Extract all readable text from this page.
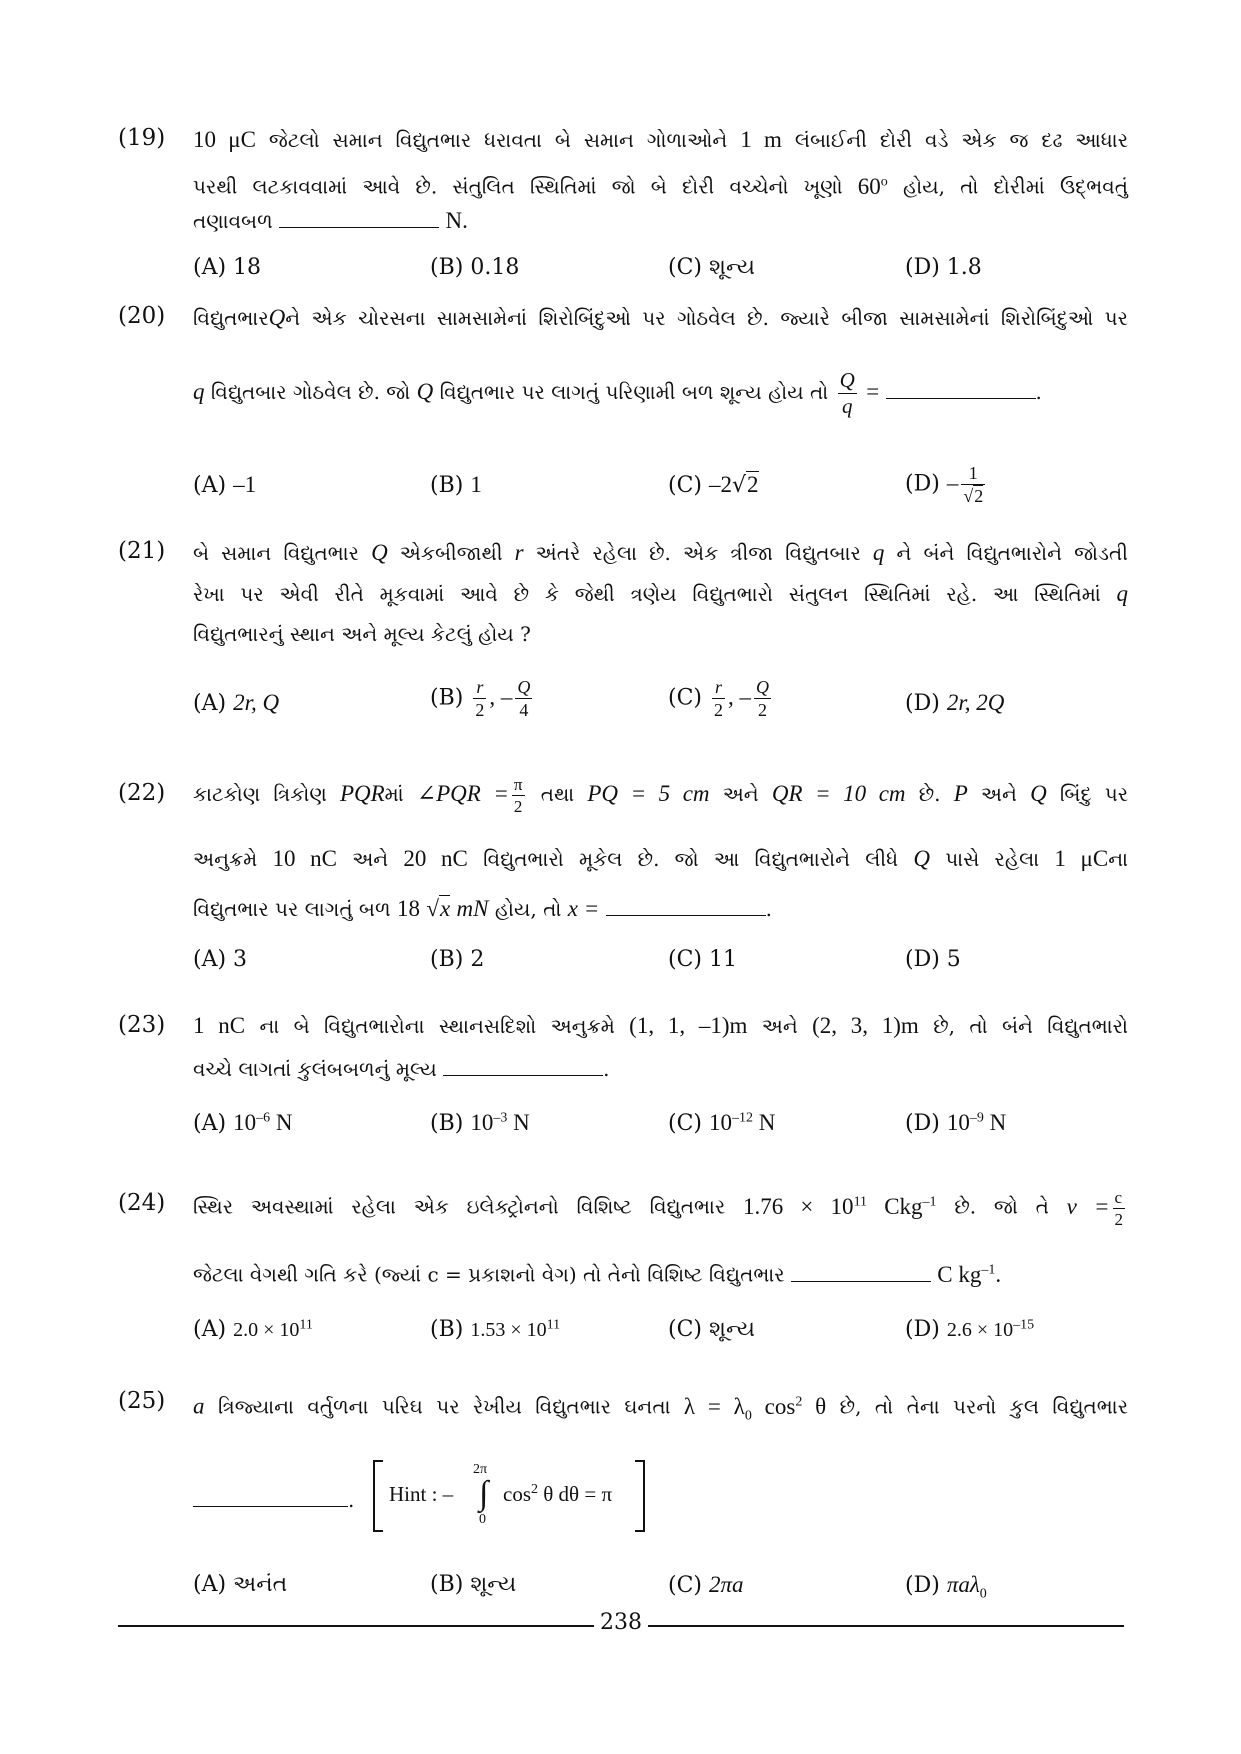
(19) 10 μC જેટલો સમાન વિદ્યુતભાર ધરાવતા બે સમાન ગોળાઓને 1 m લંબાઈની દોરી વડે એક જ દઢ આધાર
પરથી લટકાવવામાં આવે છે. સંતુલિત સ્થિતિમાં જો બે દોરી વચ્ચેનો ખૂણો 60$^o$ હોય, તો દોરીમાં ઉદ્ભવતું
તણાવબળ	N.
(A) 18	(B) 0.18	(C) શૂન્ય	(D) 1.8
(20) વિદ્યુતભારQને એક ચોરસના સામસામેનાં શિરોબિંદુઓ પર ગોઠવેલ છે. જ્યારે બીજા સામસામેનાં શિરોબિંદુઓ પર
q વિદ્યુતબાર ગોઠવેલ છે. જો Q વિદ્યુતભાર પર લાગતું પરિણામી બળ શૂન્ય હોય તો $\frac{Q}{q}$ =	.
(A) –1	(B) 1	(C) –2√2	$(D) - \frac{1}{√2}$
(21) બે સમાન વિદ્યુતભાર Q એકબીજાથી r અંતરે રહેલા છે. એક ત્રીજા વિદ્યુતબાર q ને બંને વિદ્યુતભારોને જોડતી
રેખા પર એવી રીતે મૂકવામાં આવે છે કે જેથી ત્રણેય વિદ્યુતભારો સંતુલન સ્થિતિમાં રહે. આ સ્થિતિમાં q
વિદ્યુતભારનું સ્થાન અને મૂલ્ય કેટલું હોય ?
(A) 2r, Q	$(B) \frac{r}{2}$ , – $\frac{Q}{4}$	$(C) \frac{r}{2}$ , – $\frac{Q}{2}$	(D) 2r, 2Q
(22) કાટકોણ ત્રિકોણ PQRમાં ∠PQR = $\frac{\pi}{2}$ તથા PQ = 5 cm અને QR = 10 cm છે. P અને Q બિંદુ પર
અનુક્રમે 10 nC અને 20 nC વિદ્યુતભારો મૂકેલ છે. જો આ વિદ્યુતભારોને લીધે Q પાસે રહેલા 1 μCના
વિદ્યુતભાર પર લાગતું બળ 18 √x mN હોય, તો x =	.
(A) 3	(B) 2	(C) 11	(D) 5
(23) 1 nC ના બે વિદ્યુતભારોના સ્થાનસદિશો અનુક્રમે (1, 1, –1)m અને (2, 3, 1)m છે, તો બંને વિદ્યુતભારો
વચ્ચે લાગતાં કુલંબબળનું મૂલ્ય	.
(A) $10^{-6}$ N	(B) $10^{-3}$ N	(C) $10^{-12}$ N	(D) $10^{-9}$ N
(24) સ્થિર અવસ્થામાં રહેલા એક ઇલેક્ટ્રોનનો વિશિષ્ટ વિદ્યુતભાર $1.76 \times 10^{11}$ Ckg$^{-1}$ છે. જો તે $v = \frac{c}{2}$
જેટલા વેગથી ગતિ કરે (જ્યાં c = પ્રકાશનો વેગ) તો તેનો વિશિષ્ટ વિદ્યુતભાર	C $kg^{-1}$.
(A) $2.0 \times 10^{11}$	(B) $1.53 \times 10^{11}$	(C) શૂન્ય	(D) $2.6 \times 10^{-15}$
(25) a ત્રિજ્યાના વર્તુળના પરિઘ પર રેખીય વિદ્યુતભાર ઘનતા $\lambda = \lambda_0$ $\cos^2 \theta$ છે, તો તેના પરનો કુલ વિદ્યુતભાર
. Hint : –
2π
∫
0
$\cos^2 \theta$ dθ = π
(A) અનંત	(B) શૂન્ય	(C) 2πa	(D) πaλ$_0$
238
